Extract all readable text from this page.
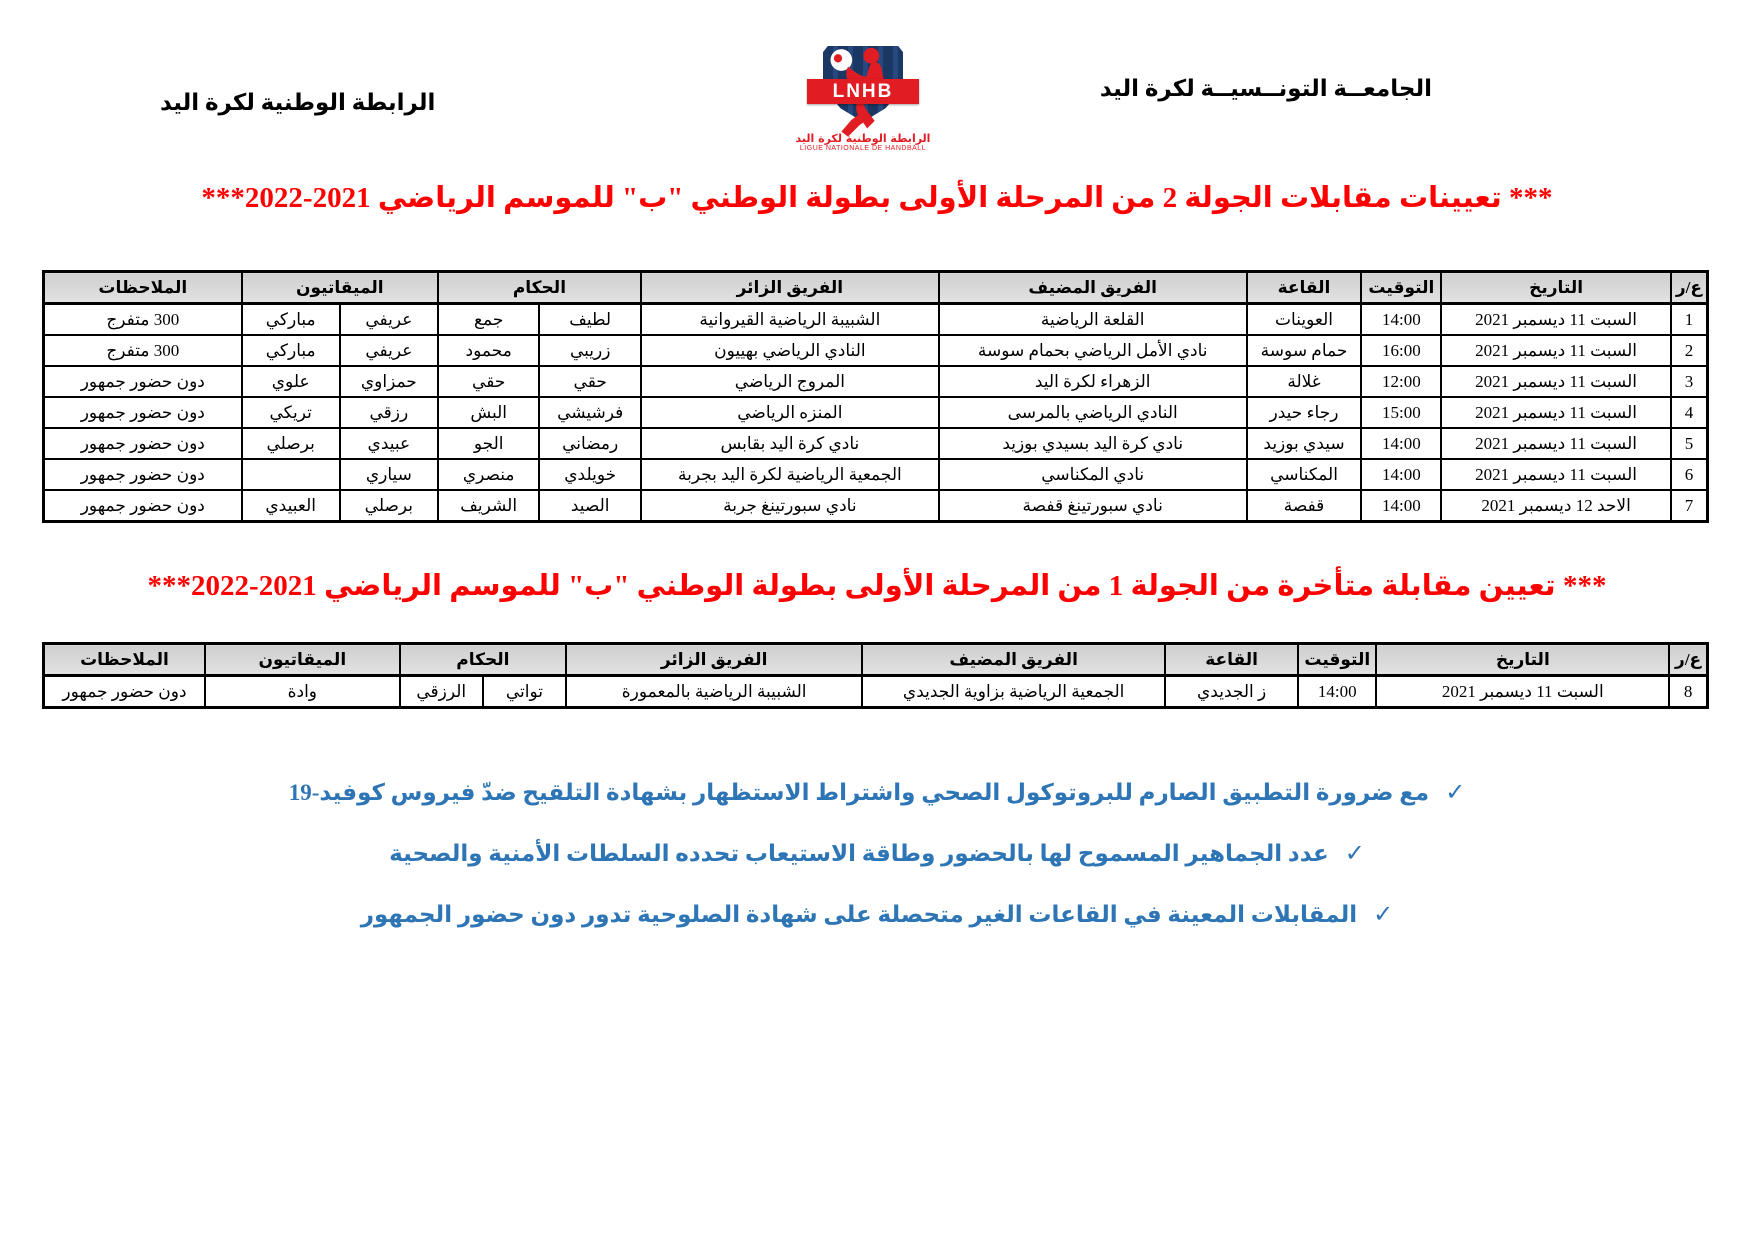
الجامعــة التونــسيــة لكرة اليد
LNHB
الرابطة الوطنية لكرة اليد
LIGUE NATIONALE DE HANDBALL
الرابطة الوطنية لكرة اليد
*** تعيينات مقابلات الجولة 2 من المرحلة الأولى بطولة الوطني "ب" للموسم الرياضي 2021-2022***
ع/ر	التاريخ	التوقيت	القاعة	الفريق المضيف	الفريق الزائر	الحكام		الميقاتيون		الملاحظات
1	السبت 11 ديسمبر 2021	14:00	العوينات	القلعة الرياضية	الشبيبة الرياضية القيروانية	لطيف	جمع	عريفي	مباركي	300 متفرج
2	السبت 11 ديسمبر 2021	16:00	حمام سوسة	نادي الأمل الرياضي بحمام سوسة	النادي الرياضي بهييون	زريبي	محمود	عريفي	مباركي	300 متفرج
3	السبت 11 ديسمبر 2021	12:00	غلالة	الزهراء لكرة اليد	المروج الرياضي	حقي	حقي	حمزاوي	علوي	دون حضور جمهور
4	السبت 11 ديسمبر 2021	15:00	رجاء حيدر	النادي الرياضي بالمرسى	المنزه الرياضي	فرشيشي	البش	رزقي	تريكي	دون حضور جمهور
5	السبت 11 ديسمبر 2021	14:00	سيدي بوزيد	نادي كرة اليد بسيدي بوزيد	نادي كرة اليد بقابس	رمضاني	الجو	عبيدي	برصلي	دون حضور جمهور
6	السبت 11 ديسمبر 2021	14:00	المكناسي	نادي المكناسي	الجمعية الرياضية لكرة اليد بجربة	خويلدي	منصري	سياري		دون حضور جمهور
7	الاحد 12 ديسمبر 2021	14:00	قفصة	نادي سبورتينغ قفصة	نادي سبورتينغ جربة	الصيد	الشريف	برصلي	العبيدي	دون حضور جمهور
*** تعيين مقابلة متأخرة من الجولة 1 من المرحلة الأولى بطولة الوطني "ب" للموسم الرياضي 2021-2022***
ع/ر	التاريخ	التوقيت	القاعة	الفريق المضيف	الفريق الزائر	الحكام		الميقاتيون	الملاحظات
8	السبت 11 ديسمبر 2021	14:00	ز الجديدي	الجمعية الرياضية بزاوية الجديدي	الشبيبة الرياضية بالمعمورة	تواتي	الرزقي	وادة	دون حضور جمهور

✓مع ضرورة التطبيق الصارم للبروتوكول الصحي واشتراط الاستظهار بشهادة التلقيح ضدّ فيروس كوفيد-19

✓عدد الجماهير المسموح لها بالحضور وطاقة الاستيعاب تحدده السلطات الأمنية والصحية

✓المقابلات المعينة في القاعات الغير متحصلة على شهادة الصلوحية تدور دون حضور الجمهور
